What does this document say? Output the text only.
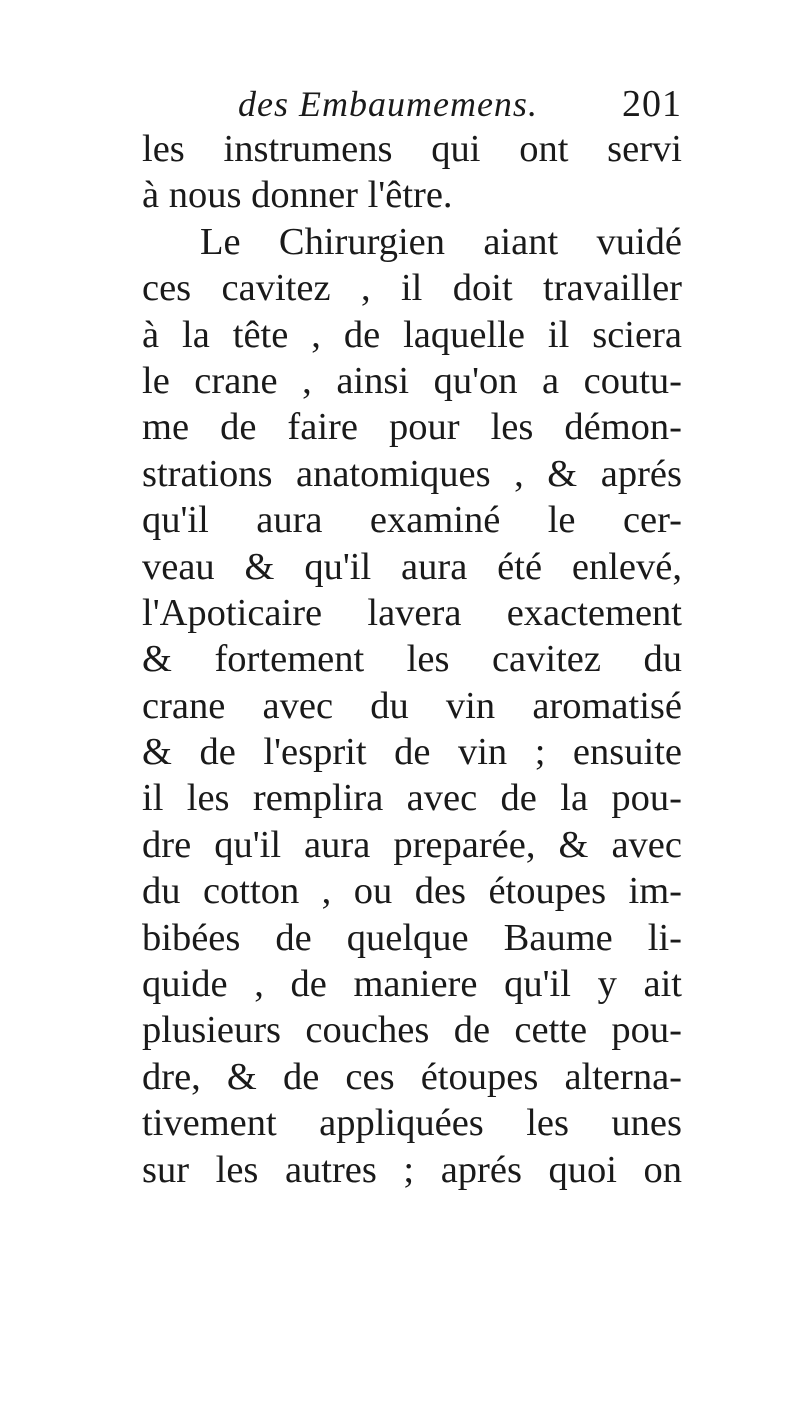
des Embaumemens. 201
les instrumens qui ont servi
à nous donner l'être.
Le Chirurgien aiant vuidé
ces cavitez , il doit travailler
à la tête , de laquelle il sciera
le crane , ainsi qu'on a coutu-
me de faire pour les démon-
strations anatomiques , & aprés
qu'il aura examiné le cer-
veau & qu'il aura été enlevé,
l'Apoticaire lavera exactement
& fortement les cavitez du
crane avec du vin aromatisé
& de l'esprit de vin ; ensuite
il les remplira avec de la pou-
dre qu'il aura preparée, & avec
du cotton , ou des étoupes im-
bibées de quelque Baume li-
quide , de maniere qu'il y ait
plusieurs couches de cette pou-
dre, & de ces étoupes alterna-
tivement appliquées les unes
sur les autres ; aprés quoi on
